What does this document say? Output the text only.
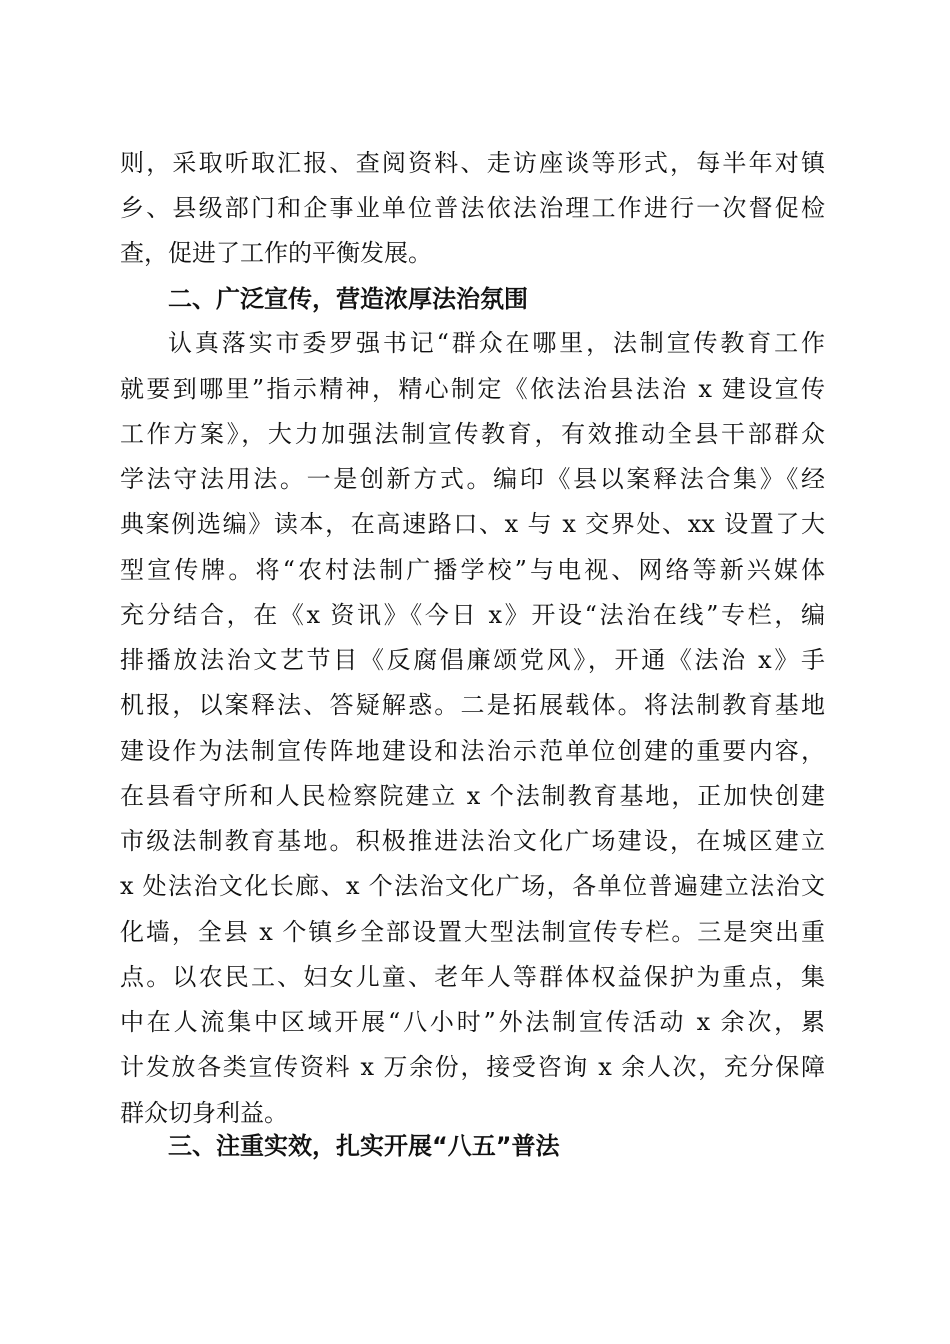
则，采取听取汇报、查阅资料、走访座谈等形式，每半年对镇
乡、县级部门和企事业单位普法依法治理工作进行一次督促检
查，促进了工作的平衡发展。
二、广泛宣传，营造浓厚法治氛围
认真落实市委罗强书记“群众在哪里，法制宣传教育工作
就要到哪里”指示精神，精心制定《依法治县法治 x 建设宣传
工作方案》，大力加强法制宣传教育，有效推动全县干部群众
学法守法用法。一是创新方式。编印《县以案释法合集》《经
典案例选编》读本，在高速路口、x 与 x 交界处、xx 设置了大
型宣传牌。将“农村法制广播学校”与电视、网络等新兴媒体
充分结合，在《x 资讯》《今日 x》开设“法治在线”专栏，编
排播放法治文艺节目《反腐倡廉颂党风》，开通《法治 x》手
机报，以案释法、答疑解惑。二是拓展载体。将法制教育基地
建设作为法制宣传阵地建设和法治示范单位创建的重要内容，
在县看守所和人民检察院建立 x 个法制教育基地，正加快创建
市级法制教育基地。积极推进法治文化广场建设，在城区建立
x 处法治文化长廊、x 个法治文化广场，各单位普遍建立法治文
化墙，全县 x 个镇乡全部设置大型法制宣传专栏。三是突出重
点。以农民工、妇女儿童、老年人等群体权益保护为重点，集
中在人流集中区域开展“八小时”外法制宣传活动 x 余次，累
计发放各类宣传资料 x 万余份，接受咨询 x 余人次，充分保障
群众切身利益。
三、注重实效，扎实开展“八五”普法
